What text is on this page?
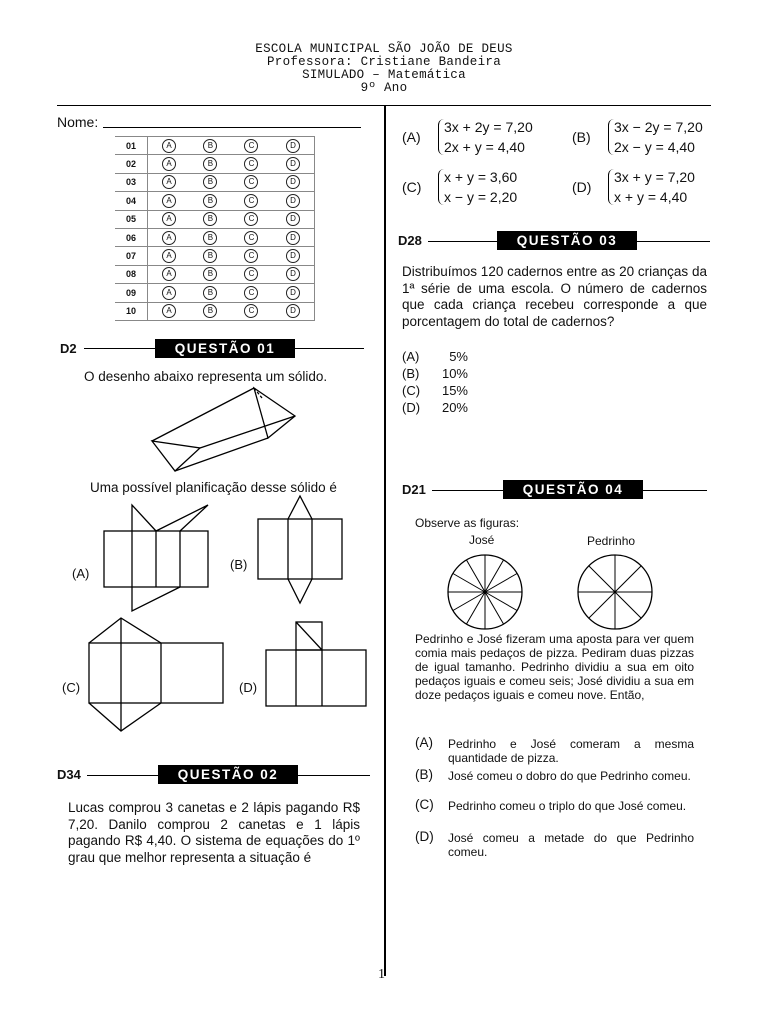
ESCOLA MUNICIPAL SÃO JOÃO DE DEUS
Professora: Cristiane Bandeira
SIMULADO – Matemática
9º Ano
Nome:
01	A	B	C	D
02	A	B	C	D
03	A	B	C	D
04	A	B	C	D
05	A	B	C	D
06	A	B	C	D
07	A	B	C	D
08	A	B	C	D
09	A	B	C	D
10	A	B	C	D
D2	QUESTÃO 01
O desenho abaixo representa um sólido.
Uma possível planificação desse sólido é
(A)
(B)
(C)	(D)
D34	QUESTÃO 02
Lucas comprou 3 canetas e 2 lápis pagando R$ 7,20. Danilo comprou 2 canetas e 1 lápis pagando R$ 4,40. O sistema de equações do 1º grau que melhor representa a situação é
(A)
3x + 2y = 7,20
2x + y = 4,40
(B)
3x − 2y = 7,20
2x − y = 4,40
(C)
x + y = 3,60
x − y = 2,20
(D)
3x + y = 7,20
x + y = 4,40
D28	QUESTÃO 03
Distribuímos 120 cadernos entre as 20 crianças da 1ª série de uma escola. O número de cadernos que cada criança recebeu corresponde a que porcentagem do total de cadernos?
(A)	5%
(B)	10%
(C)	15%
(D)	20%
D21	QUESTÃO 04
Observe as figuras:
José	Pedrinho
Pedrinho e José fizeram uma aposta para ver quem comia mais pedaços de pizza. Pediram duas pizzas de igual tamanho. Pedrinho dividiu a sua em oito pedaços iguais e comeu seis; José dividiu a sua em doze pedaços iguais e comeu nove. Então,
(A) Pedrinho e José comeram a mesma quantidade de pizza.
(B) José comeu o dobro do que Pedrinho comeu.
(C) Pedrinho comeu o triplo do que José comeu.
(D) José comeu a metade do que Pedrinho comeu.
1
